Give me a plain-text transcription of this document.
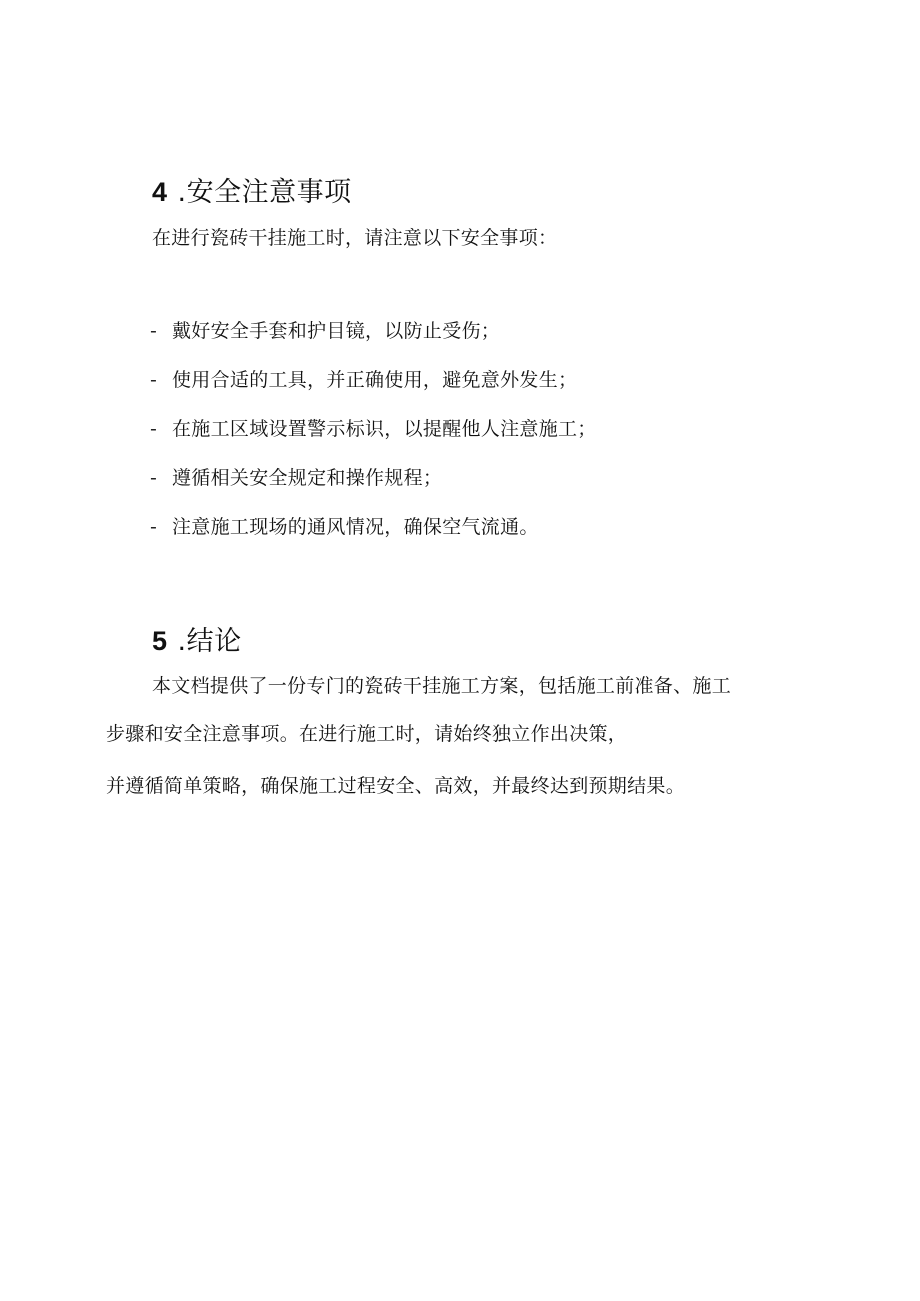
4 .安全注意事项

在进行瓷砖干挂施工时，请注意以下安全事项：

- 戴好安全手套和护目镜，以防止受伤；

- 使用合适的工具，并正确使用，避免意外发生；

- 在施工区域设置警示标识，以提醒他人注意施工；

- 遵循相关安全规定和操作规程；

- 注意施工现场的通风情况，确保空气流通。

5 .结论

本文档提供了一份专门的瓷砖干挂施工方案，包括施工前准备、施工

步骤和安全注意事项。在进行施工时，请始终独立作出决策，

并遵循简单策略，确保施工过程安全、高效，并最终达到预期结果。
